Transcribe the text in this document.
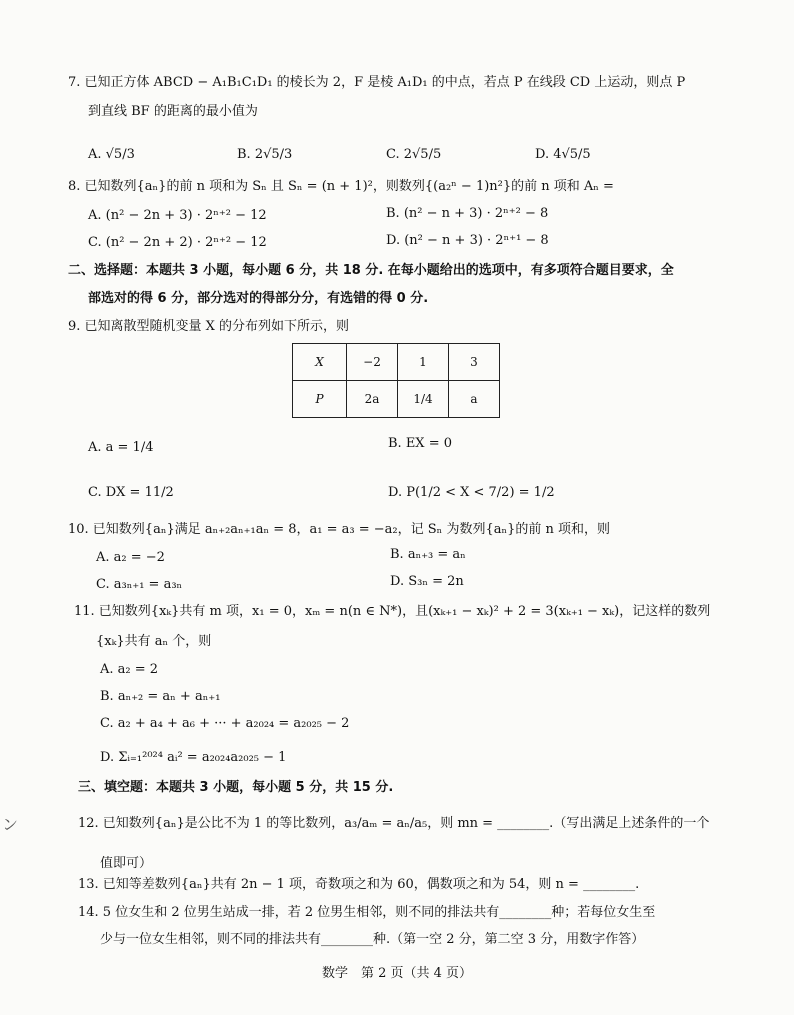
7. 已知正方体 ABCD − A₁B₁C₁D₁ 的棱长为 2，F 是棱 A₁D₁ 的中点，若点 P 在线段 CD 上运动，则点 P
到直线 BF 的距离的最小值为
A. √5/3	B. 2√5/3	C. 2√5/5	D. 4√5/5
8. 已知数列{aₙ}的前 n 项和为 Sₙ 且 Sₙ = (n + 1)²，则数列{(a₂ⁿ − 1)n²}的前 n 项和 Aₙ =
A. (n² − 2n + 3) · 2ⁿ⁺² − 12	B. (n² − n + 3) · 2ⁿ⁺² − 8
C. (n² − 2n + 2) · 2ⁿ⁺² − 12	D. (n² − n + 3) · 2ⁿ⁺¹ − 8
二、选择题：本题共 3 小题，每小题 6 分，共 18 分. 在每小题给出的选项中，有多项符合题目要求，全
部选对的得 6 分，部分选对的得部分分，有选错的得 0 分.
9. 已知离散型随机变量 X 的分布列如下所示，则
X	−2	1	3
P	2a	1/4	a
A. a = 1/4	B. EX = 0
C. DX = 11/2	D. P(1/2 < X < 7/2) = 1/2
10. 已知数列{aₙ}满足 aₙ₊₂aₙ₊₁aₙ = 8，a₁ = a₃ = −a₂，记 Sₙ 为数列{aₙ}的前 n 项和，则
A. a₂ = −2	B. aₙ₊₃ = aₙ
C. a₃ₙ₊₁ = a₃ₙ	D. S₃ₙ = 2n
11. 已知数列{xₖ}共有 m 项，x₁ = 0，xₘ = n(n ∈ N*)，且(xₖ₊₁ − xₖ)² + 2 = 3(xₖ₊₁ − xₖ)，记这样的数列
{xₖ}共有 aₙ 个，则
A. a₂ = 2
B. aₙ₊₂ = aₙ + aₙ₊₁
C. a₂ + a₄ + a₆ + ··· + a₂₀₂₄ = a₂₀₂₅ − 2
D. Σᵢ₌₁²⁰²⁴ aᵢ² = a₂₀₂₄a₂₀₂₅ − 1
三、填空题：本题共 3 小题，每小题 5 分，共 15 分.
12. 已知数列{aₙ}是公比不为 1 的等比数列，a₃/aₘ = aₙ/a₅，则 mn = ________.（写出满足上述条件的一个
值即可）
13. 已知等差数列{aₙ}共有 2n − 1 项，奇数项之和为 60，偶数项之和为 54，则 n = ________.
14. 5 位女生和 2 位男生站成一排，若 2 位男生相邻，则不同的排法共有________种；若每位女生至
少与一位女生相邻，则不同的排法共有________种.（第一空 2 分，第二空 3 分，用数字作答）
数学　第 2 页（共 4 页）
ン
